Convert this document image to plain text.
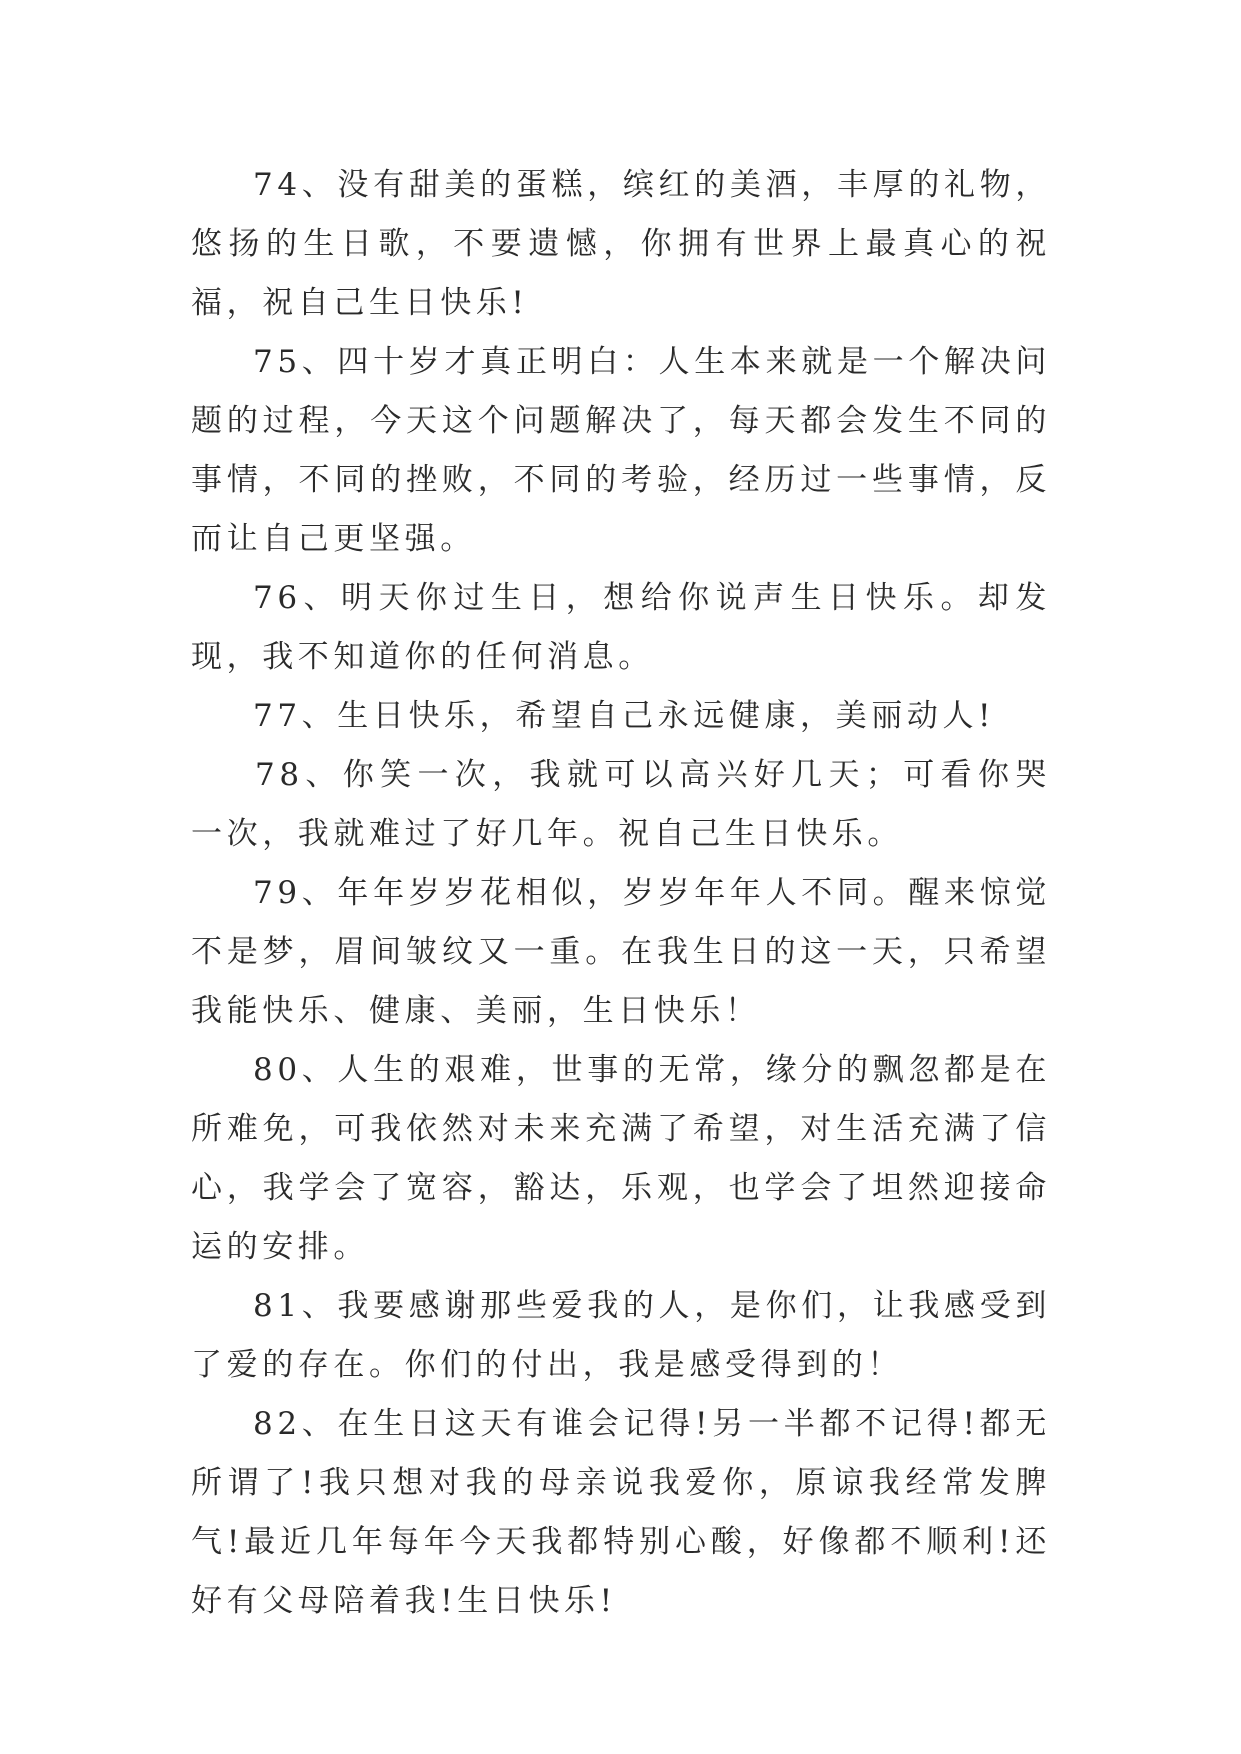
74、没有甜美的蛋糕，缤红的美酒，丰厚的礼物，悠扬的生日歌，不要遗憾，你拥有世界上最真心的祝福，祝自己生日快乐!

75、四十岁才真正明白：人生本来就是一个解决问题的过程，今天这个问题解决了，每天都会发生不同的事情，不同的挫败，不同的考验，经历过一些事情，反而让自己更坚强。

76、明天你过生日，想给你说声生日快乐。却发现，我不知道你的任何消息。

77、生日快乐，希望自己永远健康，美丽动人!

78、你笑一次，我就可以高兴好几天；可看你哭一次，我就难过了好几年。祝自己生日快乐。

79、年年岁岁花相似，岁岁年年人不同。醒来惊觉不是梦，眉间皱纹又一重。在我生日的这一天，只希望我能快乐、健康、美丽，生日快乐！

80、人生的艰难，世事的无常，缘分的飘忽都是在所难免，可我依然对未来充满了希望，对生活充满了信心，我学会了宽容，豁达，乐观，也学会了坦然迎接命运的安排。

81、我要感谢那些爱我的人，是你们，让我感受到了爱的存在。你们的付出，我是感受得到的！

82、在生日这天有谁会记得!另一半都不记得!都无所谓了!我只想对我的母亲说我爱你，原谅我经常发脾气!最近几年每年今天我都特别心酸，好像都不顺利!还好有父母陪着我!生日快乐!
